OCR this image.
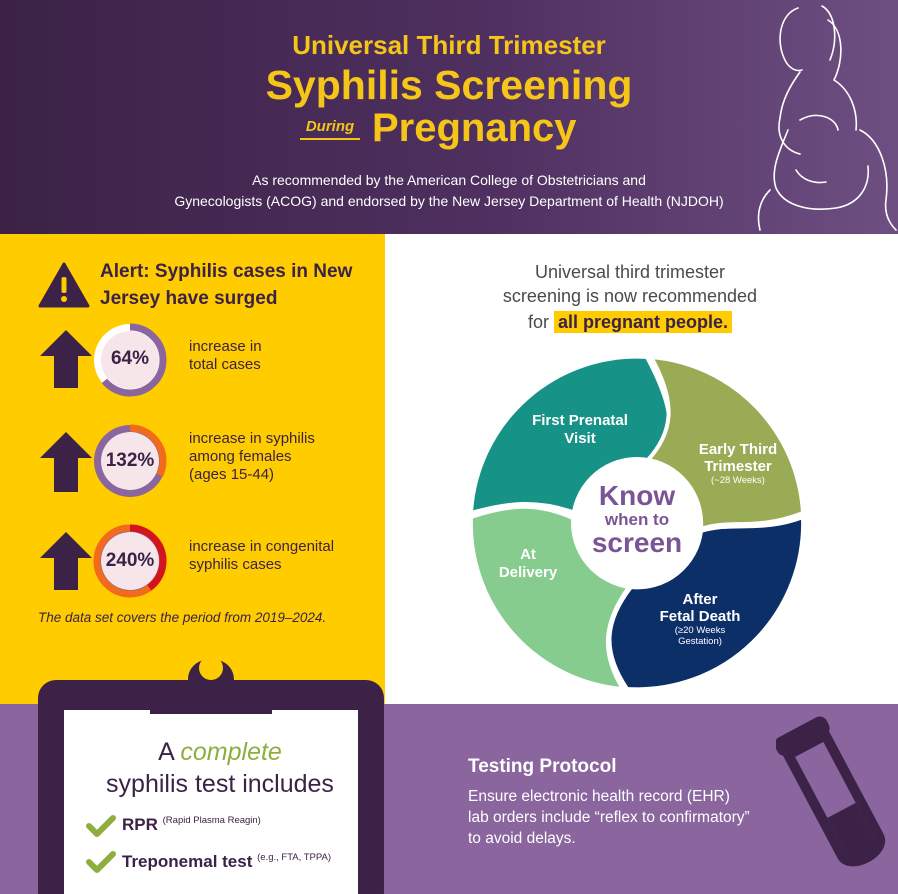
Universal Third Trimester
Syphilis Screening
During Pregnancy
As recommended by the American College of Obstetricians and
Gynecologists (ACOG) and endorsed by the New Jersey Department of Health (NJDOH)
Alert: Syphilis cases in New Jersey have surged
64%
132%
240%
increase in
total cases
increase in syphilis
among females
(ages 15-44)
increase in congenital
syphilis cases
The data set covers the period from 2019–2024.
Universal third trimester
screening is now recommended
for all pregnant people.
First Prenatal
Visit
Early Third
Trimester
(~28 Weeks)
After
Fetal Death
(≥20 Weeks
Gestation)
At
Delivery
Know
when to
screen
A complete
syphilis test includes
RPR $^{(Rapid Plasma Reagin)}$
Treponemal test $^{(e.g., FTA, TPPA)}$
Testing Protocol
Ensure electronic health record (EHR)
lab orders include “reflex to confirmatory”
to avoid delays.
